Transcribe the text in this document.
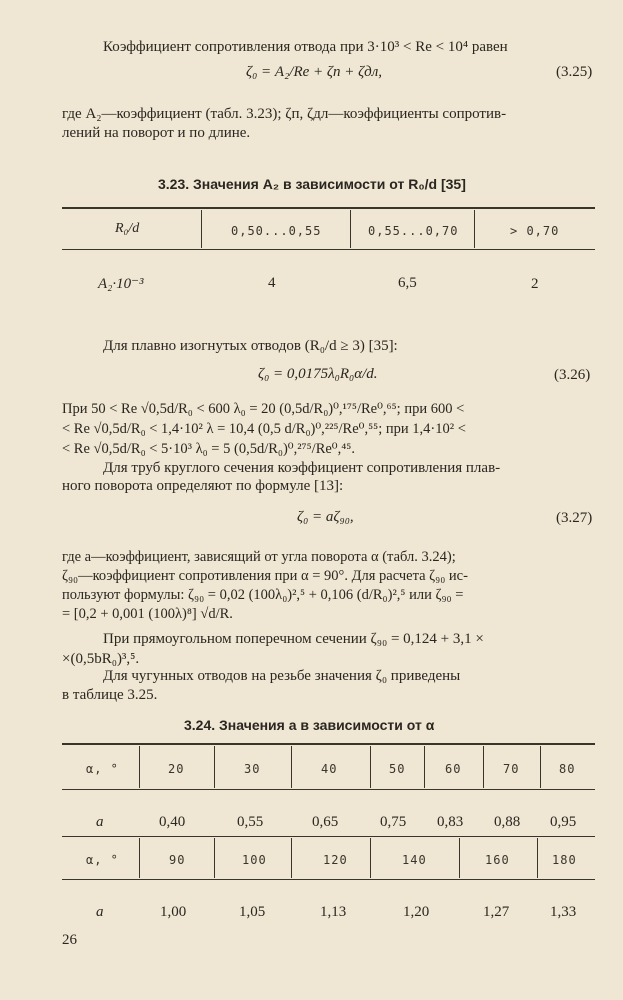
Коэффициент сопротивления отвода при 3·10³ < Re < 10⁴ равен
ζ₀ = A₂/Re + ζп + ζдл,	(3.25)
где A₂—коэффициент (табл. 3.23); ζп, ζдл—коэффициенты сопротив-
лений на поворот и по длине.
3.23. Значения A₂ в зависимости от R₀/d [35]
R₀/d	0,50...0,55	0,55...0,70	> 0,70
A₂·10⁻³	4	6,5	2
Для плавно изогнутых отводов (R₀/d ≥ 3) [35]:
ζ₀ = 0,0175λ₀R₀α/d.	(3.26)
При 50 < Re √0,5d/R₀ < 600 λ₀ = 20 (0,5d/R₀)⁰,¹⁷⁵/Re⁰,⁶⁵; при 600 <
< Re √0,5d/R₀ < 1,4·10² λ = 10,4 (0,5 d/R₀)⁰,²²⁵/Re⁰,⁵⁵; при 1,4·10² <
< Re √0,5d/R₀ < 5·10³ λ₀ = 5 (0,5d/R₀)⁰,²⁷⁵/Re⁰,⁴⁵.
Для труб круглого сечения коэффициент сопротивления плав-
ного поворота определяют по формуле [13]:
ζ₀ = aζ₉₀,	(3.27)
где a—коэффициент, зависящий от угла поворота α (табл. 3.24);
ζ₉₀—коэффициент сопротивления при α = 90°. Для расчета ζ₉₀ ис-
пользуют формулы: ζ₉₀ = 0,02 (100λ₀)²,⁵ + 0,106 (d/R₀)²,⁵ или ζ₉₀ =
= [0,2 + 0,001 (100λ)⁸] √d/R.
При прямоугольном поперечном сечении ζ₉₀ = 0,124 + 3,1 ×
×(0,5bR₀)³,⁵.
Для чугунных отводов на резьбе значения ζ₀ приведены
в таблице 3.25.
3.24. Значения a в зависимости от α
α, °	20	30	40	50	60	70	80
a	0,40	0,55	0,65	0,75 0,83 0,88 0,95
α, °	90	100	120	140	160	180
a	1,00	1,05	1,13	1,20	1,27	1,33
26
